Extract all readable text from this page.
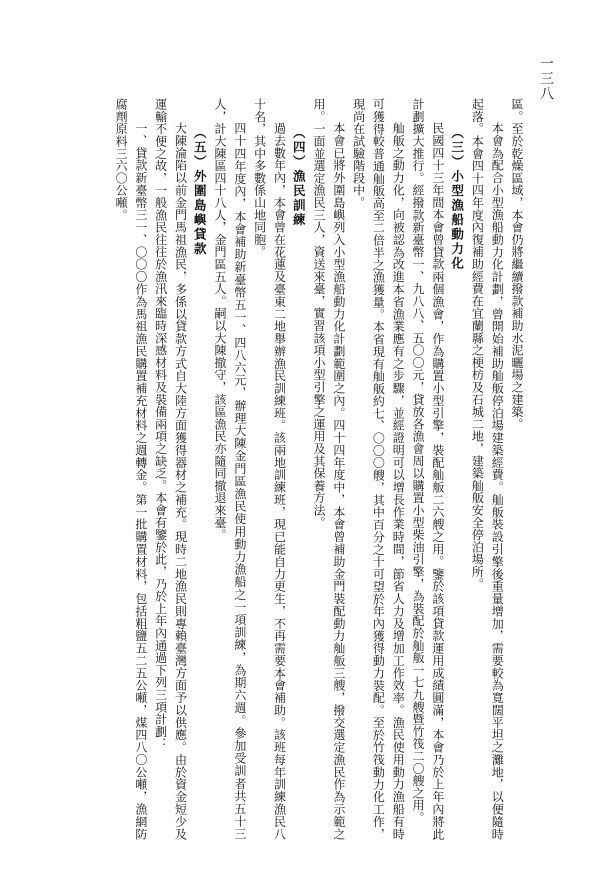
一三八

區。至於乾燥區域，本會仍將繼續撥款補助水泥曬場之建築。

本會為配合小型漁船動力化計劃，曾開始補助舢舨停泊場建築經費。舢舨裝設引擎後重量增加，需要較為寬闊平坦之灘地，以便隨時起落。本會四十四年度內復補助經費在宜蘭縣之梗枋及石城二地，建築舢舨安全停泊場所。

（三）小型漁船動力化

民國四十三年間本會曾貸款兩個漁會，作為購置小型引擎，裝配舢舨二六艘之用。鑒於該項貸款運用成績圓滿，本會乃於上年內將此計劃擴大推行。經撥款新臺幣一、九八八、五〇〇元，貸放各漁會周以購置小型柴油引擎，為裝配於舢舨一七九艘暨竹筏二〇艘之用。

舢舨之動力化，向被認為改進本省漁業應有之步驟，並經證明可以增長作業時間，節省人力及增加工作效率。漁民使用動力漁船有時可獲得較普通舢舨高至二倍半之漁獲量。本省現有舢舨約七、〇〇〇艘，其中百分之十可望於年內獲得動力裝配。至於竹筏動力化工作，現尚在試驗階段中。

本會已將外圍島嶼列入小型漁船動力化計劃範圍之內。四十四年度中，本會曾補助金門裝配動力舢舨三艘，撥交選定漁民作為示範之用。一面並選定漁民三人，資送來臺，實習該項小型引擎之運用及其保養方法。

（四）漁民訓練

過去數年內，本會曾在花蓮及臺東二地舉辦漁民訓練班。該兩地訓練班，現已能自力更生，不再需要本會補助。該班每年訓練漁民八十名，其中多數係山地同胞。

四十四年度內，本會補助新臺幣五一、四八六元，辦理大陳金門區漁民使用動力漁船之一項訓練，為期六週。參加受訓者共五十三人，計大陳區四十八人，金門區五人。嗣以大陳撤守，該區漁民亦隨同撤退來臺。

（五）外圍島嶼貸款

大陳淪陷以前金門馬祖漁民，多係以貸款方式自大陸方面獲得器材之補充。現時二地漁民則專賴臺灣方面予以供應。由於資金短少及運輸不便之故，一般漁民往往於漁汛來臨時深感材料及裝備兩項之缺乏。本會有鑒於此，乃於上年內通過下列三項計劃：

一、貸款新臺幣三一、〇〇〇作為馬祖漁民購置補充材料之週轉金。第一批購置材料，包括粗鹽五二五公噸，煤四八〇公噸，漁網防腐劑原料三六〇公噸。
